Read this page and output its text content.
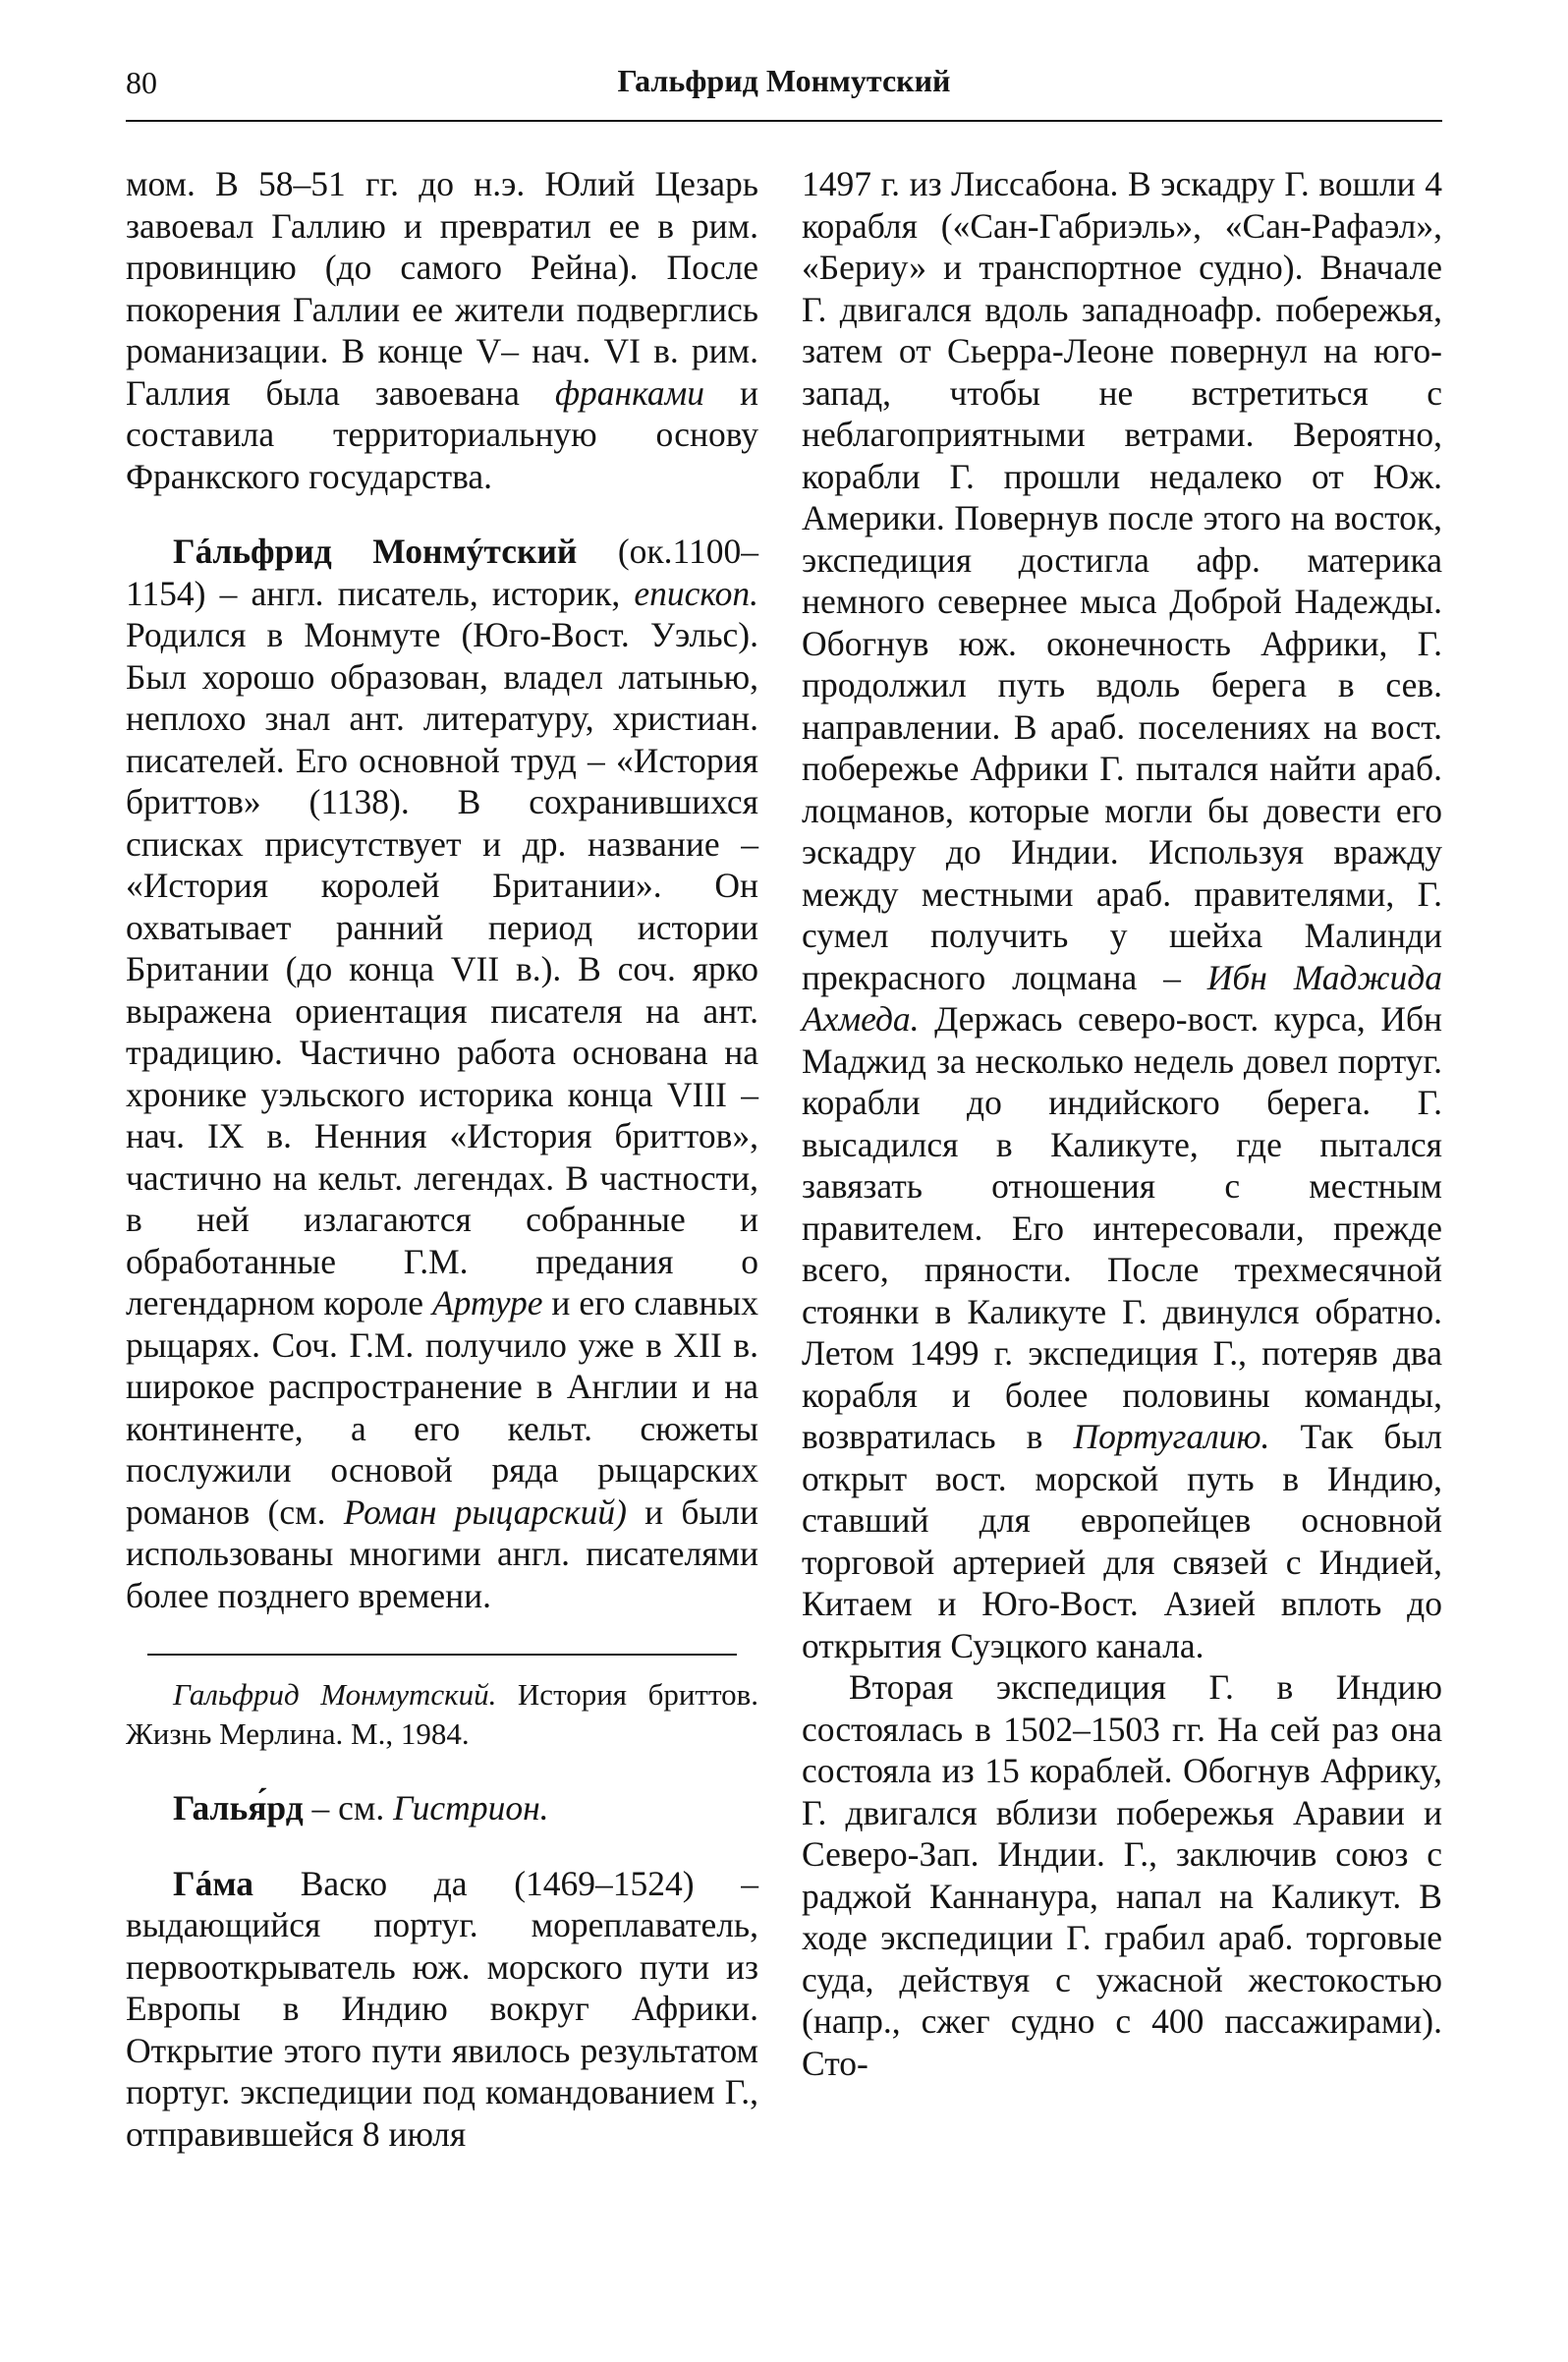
80	Гальфрид Монмутский

мом. В 58–51 гг. до н.э. Юлий Цезарь завоевал Галлию и превратил ее в рим. провинцию (до самого Рейна). После покорения Галлии ее жители подверглись романизации. В конце V– нач. VI в. рим. Галлия была завоевана франками и составила территориальную основу Франкского государства.

Гáльфрид Монмýтский (ок.1100–1154) – англ. писатель, историк, епископ. Родился в Монмуте (Юго-Вост. Уэльс). Был хорошо образован, владел латынью, неплохо знал ант. литературу, христиан. писателей. Его основной труд – «История бриттов» (1138). В сохранившихся списках присутствует и др. название – «История королей Британии». Он охватывает ранний период истории Британии (до конца VII в.). В соч. ярко выражена ориентация писателя на ант. традицию. Частично работа основана на хронике уэльского историка конца VIII – нач. IX в. Ненния «История бриттов», частично на кельт. легендах. В частности, в ней излагаются собранные и обработанные Г.М. предания о легендарном короле Артуре и его славных рыцарях. Соч. Г.М. получило уже в XII в. широкое распространение в Англии и на континенте, а его кельт. сюжеты послужили основой ряда рыцарских романов (см. Роман рыцарский) и были использованы многими англ. писателями более позднего времени.

Гальфрид Монмутский. История бриттов. Жизнь Мерлина. М., 1984.

Галья́рд – см. Гистрион.

Гáма Васко да (1469–1524) – выдающийся португ. мореплаватель, первооткрыватель юж. морского пути из Европы в Индию вокруг Африки. Открытие этого пути явилось результатом португ. экспедиции под командованием Г., отправившейся 8 июля

1497 г. из Лиссабона. В эскадру Г. вошли 4 корабля («Сан-Габриэль», «Сан-Рафаэл», «Бериу» и транспортное судно). Вначале Г. двигался вдоль западноафр. побережья, затем от Сьерра-Леоне повернул на юго-запад, чтобы не встретиться с неблагоприятными ветрами. Вероятно, корабли Г. прошли недалеко от Юж. Америки. Повернув после этого на восток, экспедиция достигла афр. материка немного севернее мыса Доброй Надежды. Обогнув юж. оконечность Африки, Г. продолжил путь вдоль берега в сев. направлении. В араб. поселениях на вост. побережье Африки Г. пытался найти араб. лоцманов, которые могли бы довести его эскадру до Индии. Используя вражду между местными араб. правителями, Г. сумел получить у шейха Малинди прекрасного лоцмана – Ибн Маджида Ахмеда. Держась северо-вост. курса, Ибн Маджид за несколько недель довел португ. корабли до индийского берега. Г. высадился в Каликуте, где пытался завязать отношения с местным правителем. Его интересовали, прежде всего, пряности. После трехмесячной стоянки в Каликуте Г. двинулся обратно. Летом 1499 г. экспедиция Г., потеряв два корабля и более половины команды, возвратилась в Португалию. Так был открыт вост. морской путь в Индию, ставший для европейцев основной торговой артерией для связей с Индией, Китаем и Юго-Вост. Азией вплоть до открытия Суэцкого канала.

Вторая экспедиция Г. в Индию состоялась в 1502–1503 гг. На сей раз она состояла из 15 кораблей. Обогнув Африку, Г. двигался вблизи побережья Аравии и Северо-Зап. Индии. Г., заключив союз с раджой Каннанура, напал на Каликут. В ходе экспедиции Г. грабил араб. торговые суда, действуя с ужасной жестокостью (напр., сжег судно с 400 пассажирами). Сто-
